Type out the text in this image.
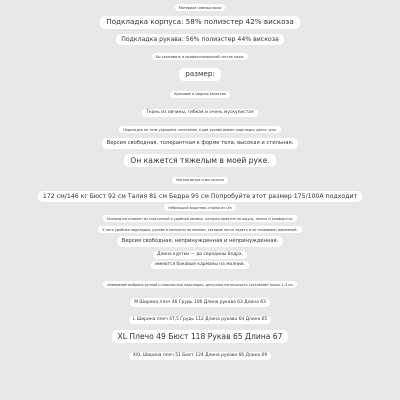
Материал: овечья кожа
Подкладка корпуса: 58% полиэстер 42% вискоза
Подкладка рукава: 56% полиэстер 44% вискоза
Бы ухаживать в профессиональной чистке кожи.
размер:
Красивое и модное качество
Ткань из овчины, гибкая и очень мускулистая
Подкладка на теле украшена логотипом, а два рукава имеют подкладку цвета чунь.
Версия свободная, толерантная к форме тела, высокая и стильная.
Он кажется тяжелым в моей руке.
Мягкая ветра и мы прочно
172 см/146 кг Бюст 92 см Талия 81 см Бедра 95 см Попробуйте этот размер 175/100A подходит
Небольшой воротник-стойка из Qin
Nuxiang изготовлен из эластичной и удобной овчины, которая приятна на ощупь, нежна и комфортна.
У него удобная подкладка, рукава и манжеты на молнии, которые легко надеть и не сковывают движений.
Версия свободная, непринужденная и непринужденная.
Длина куртки — до середины бедра,
имеются боковые карманы на молнии.
Измерение выбрано ручной и плоскостью подкладки, допускаю погрешность составляет около 1-3 см
M Ширина плеч 46 Грудь 106 Длина рукава 63 Длина 63
L Ширина плеч 47,5 Грудь 112 Длина рукава 64 Длина 65
XL Плечо 49 Бюст 118 Рукав 65 Длина 67
XXL Ширина плеч 51 Бюст 124 Длина рукава 66 Длина 69
